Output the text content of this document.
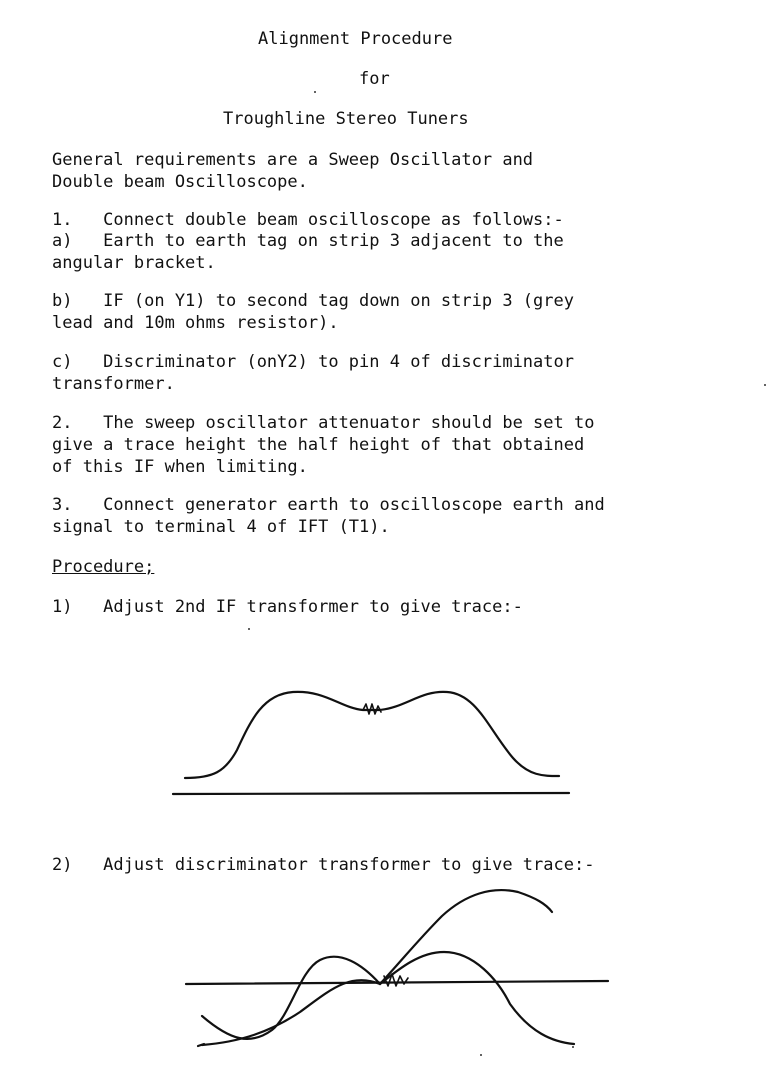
Alignment Procedure
for
Troughline Stereo Tuners
General requirements are a Sweep Oscillator and
Double beam Oscilloscope.
1.   Connect double beam oscilloscope as follows:-
a)   Earth to earth tag on strip 3 adjacent to the
angular bracket.
b)   IF (on Y1) to second tag down on strip 3 (grey
lead and 10m ohms resistor).
c)   Discriminator (onY2) to pin 4 of discriminator
transformer.
2.   The sweep oscillator attenuator should be set to
give a trace height the half height of that obtained
of this IF when limiting.
3.   Connect generator earth to oscilloscope earth and
signal to terminal 4 of IFT (T1).
Procedure;
1)   Adjust 2nd IF transformer to give trace:-
2)   Adjust discriminator transformer to give trace:-
